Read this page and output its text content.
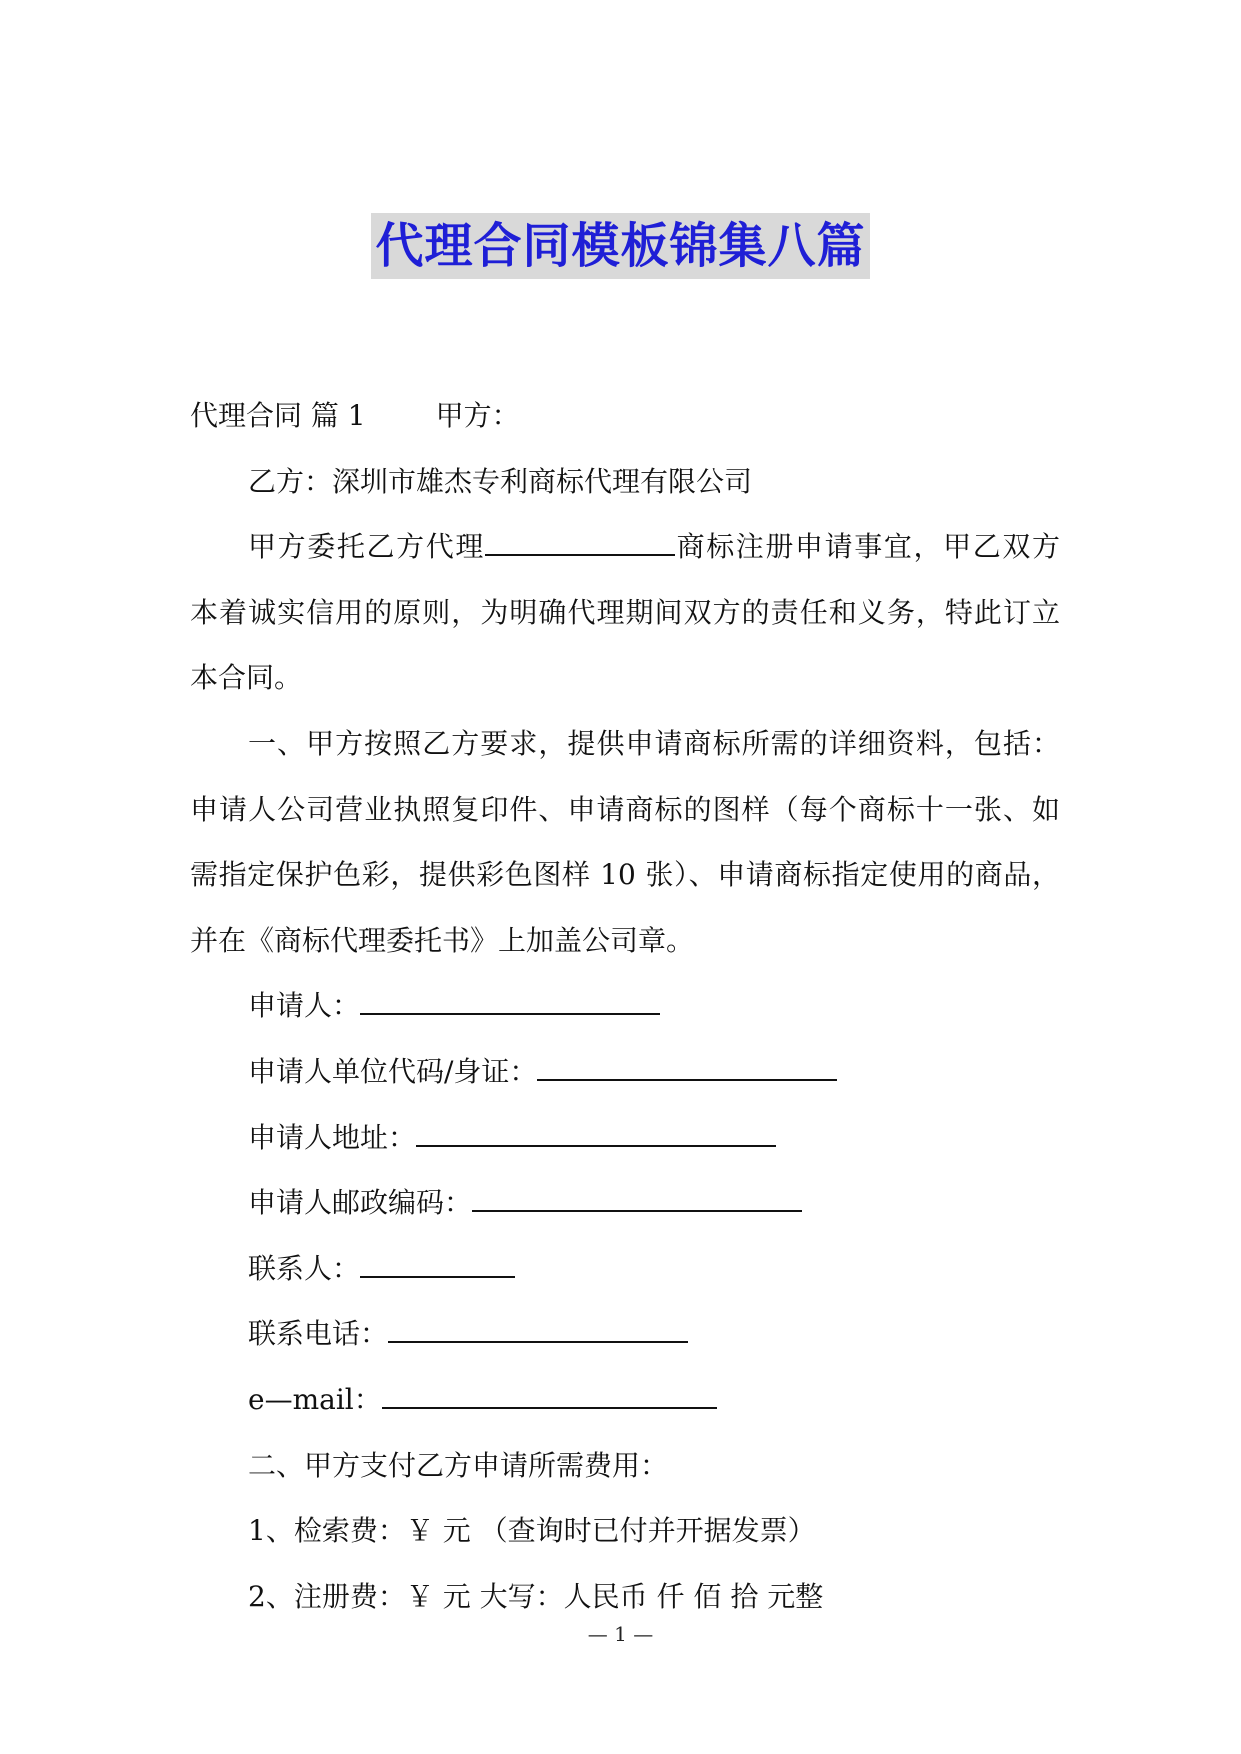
代理合同模板锦集八篇
代理合同 篇 1	甲方：
乙方：深圳市雄杰专利商标代理有限公司
甲方委托乙方代理	商标注册申请事宜，甲乙双方
本着诚实信用的原则，为明确代理期间双方的责任和义务，特此订立
本合同。
一、甲方按照乙方要求，提供申请商标所需的详细资料，包括：
申请人公司营业执照复印件、申请商标的图样（每个商标十一张、如
需指定保护色彩，提供彩色图样 10 张）、申请商标指定使用的商品，
并在《商标代理委托书》上加盖公司章。
申请人：
申请人单位代码/身证：
申请人地址：
申请人邮政编码：
联系人：
联系电话：
e—mail：
二、甲方支付乙方申请所需费用：
1、检索费：￥ 元 （查询时已付并开据发票）
2、注册费：￥ 元 大写：人民币 仟 佰 拾 元整
— 1 —
